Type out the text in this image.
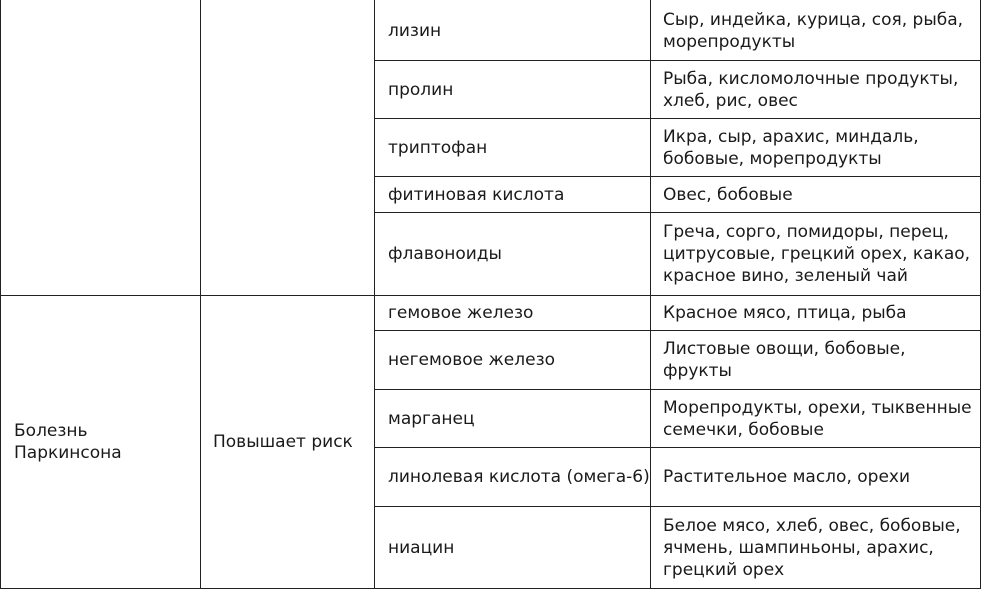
Болезнь Паркинсона
Повышает риск
лизин
Сыр, индейка, курица, соя, рыба, морепродукты
пролин
Рыба, кисломолочные продукты, хлеб, рис, овес
триптофан
Икра, сыр, арахис, миндаль, бобовые, морепродукты
фитиновая кислота	Овес, бобовые
флавоноиды
Греча, сорго, помидоры, перец, цитрусовые, грецкий орех, какао, красное вино, зеленый чай
гемовое железо	Красное мясо, птица, рыба
негемовое железо
Листовые овощи, бобовые, фрукты
марганец
Морепродукты, орехи, тыквенные семечки, бобовые
линолевая кислота (омега-6) Растительное масло, орехи
ниацин
Белое мясо, хлеб, овес, бобовые, ячмень, шампиньоны, арахис, грецкий орех
